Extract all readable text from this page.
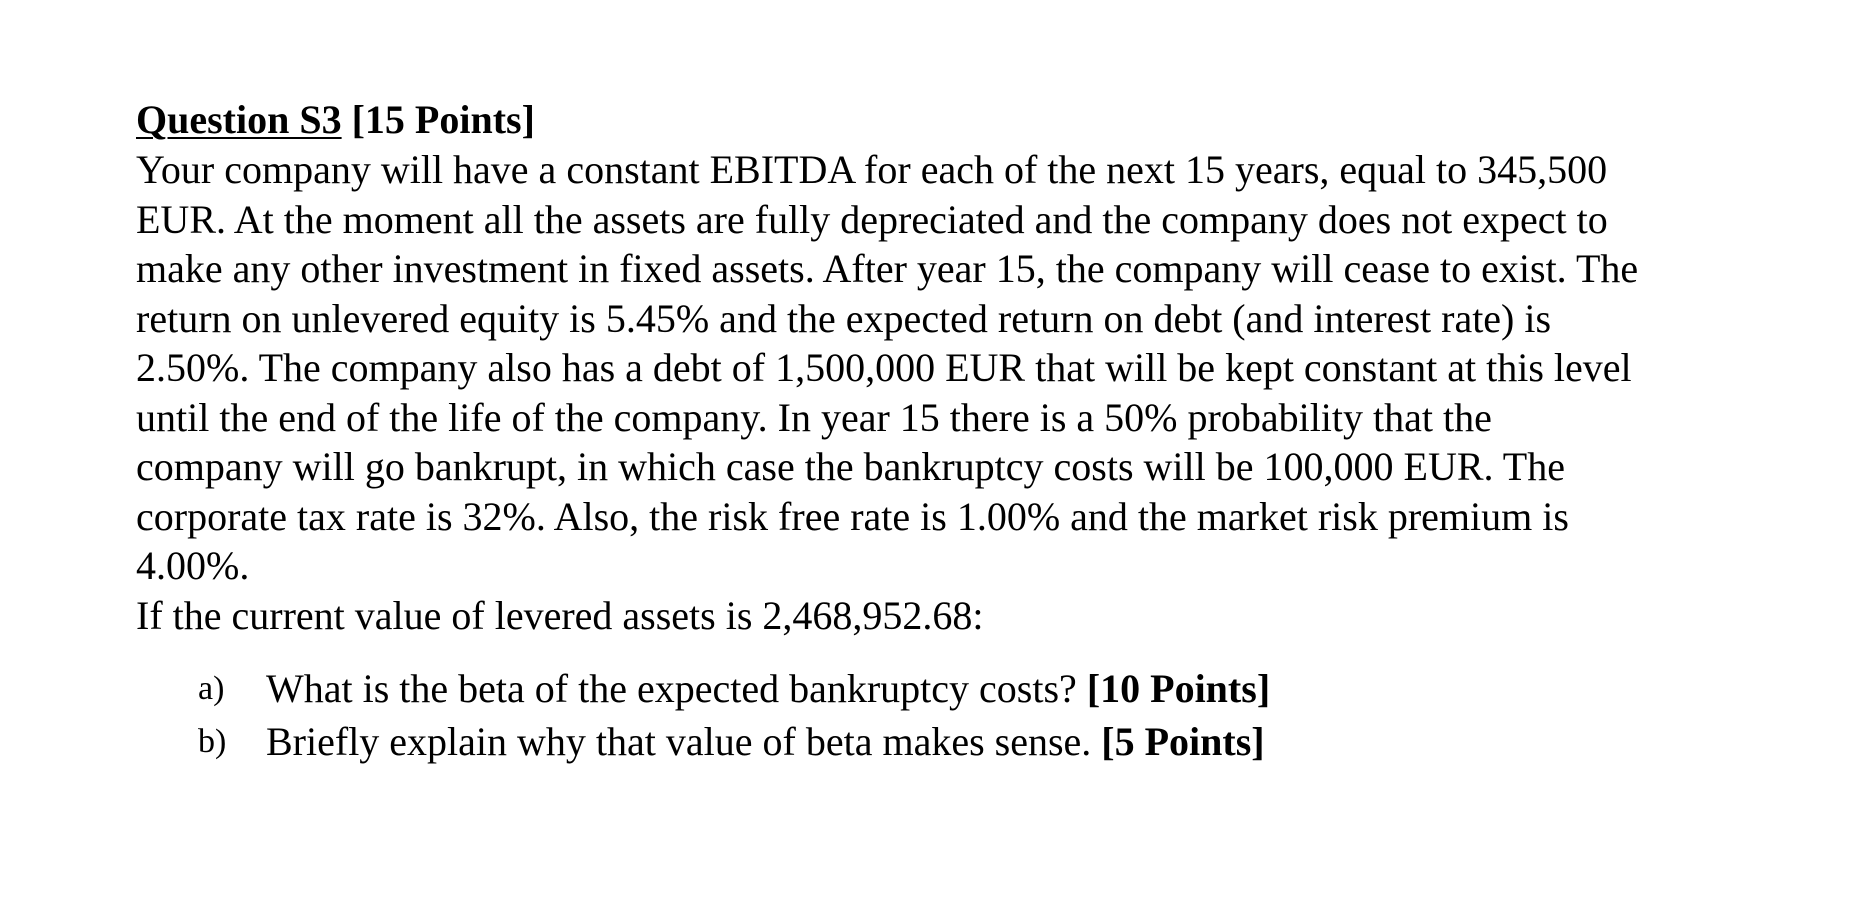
Question S3 [15 Points]

Your company will have a constant EBITDA for each of the next 15 years, equal to 345,500
EUR. At the moment all the assets are fully depreciated and the company does not expect to
make any other investment in fixed assets. After year 15, the company will cease to exist. The
return on unlevered equity is 5.45% and the expected return on debt (and interest rate) is
2.50%. The company also has a debt of 1,500,000 EUR that will be kept constant at this level
until the end of the life of the company. In year 15 there is a 50% probability that the
company will go bankrupt, in which case the bankruptcy costs will be 100,000 EUR. The
corporate tax rate is 32%. Also, the risk free rate is 1.00% and the market risk premium is
4.00%.

If the current value of levered assets is 2,468,952.68:
a) What is the beta of the expected bankruptcy costs? [10 Points]
b) Briefly explain why that value of beta makes sense. [5 Points]
